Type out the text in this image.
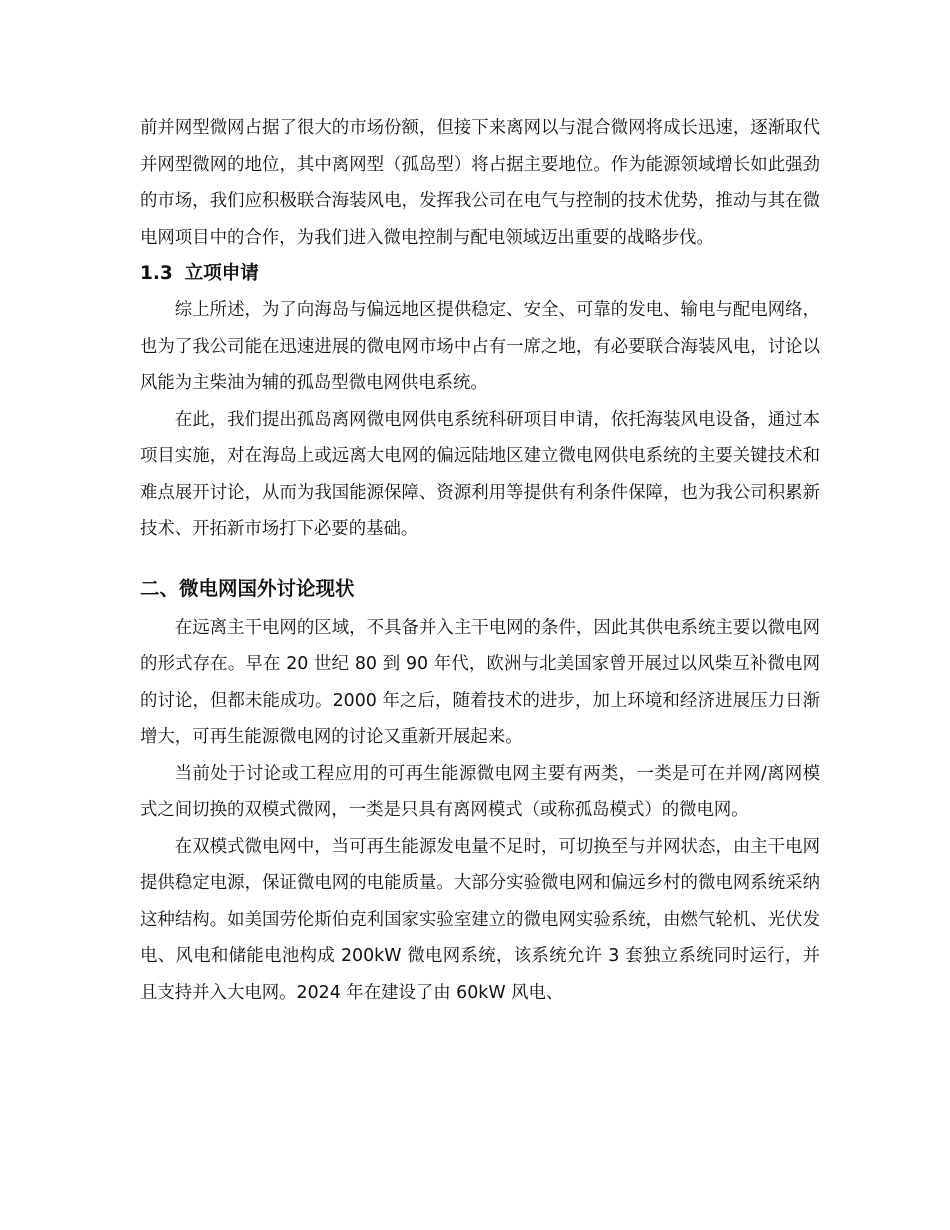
前并网型微网占据了很大的市场份额，但接下来离网以与混合微网将成长迅速，逐渐取代并网型微网的地位，其中离网型（孤岛型）将占据主要地位。作为能源领域增长如此强劲的市场，我们应积极联合海装风电，发挥我公司在电气与控制的技术优势，推动与其在微电网项目中的合作，为我们进入微电控制与配电领域迈出重要的战略步伐。

1.3 立项申请

综上所述，为了向海岛与偏远地区提供稳定、安全、可靠的发电、输电与配电网络，也为了我公司能在迅速进展的微电网市场中占有一席之地，有必要联合海装风电，讨论以风能为主柴油为辅的孤岛型微电网供电系统。

在此，我们提出孤岛离网微电网供电系统科研项目申请，依托海装风电设备，通过本项目实施，对在海岛上或远离大电网的偏远陆地区建立微电网供电系统的主要关键技术和难点展开讨论，从而为我国能源保障、资源利用等提供有利条件保障，也为我公司积累新技术、开拓新市场打下必要的基础。

二、微电网国外讨论现状

在远离主干电网的区域，不具备并入主干电网的条件，因此其供电系统主要以微电网的形式存在。早在 20 世纪 80 到 90 年代，欧洲与北美国家曾开展过以风柴互补微电网的讨论，但都未能成功。2000 年之后，随着技术的进步，加上环境和经济进展压力日渐增大，可再生能源微电网的讨论又重新开展起来。

当前处于讨论或工程应用的可再生能源微电网主要有两类，一类是可在并网/离网模式之间切换的双模式微网，一类是只具有离网模式（或称孤岛模式）的微电网。

在双模式微电网中，当可再生能源发电量不足时，可切换至与并网状态，由主干电网提供稳定电源，保证微电网的电能质量。大部分实验微电网和偏远乡村的微电网系统采纳这种结构。如美国劳伦斯伯克利国家实验室建立的微电网实验系统，由燃气轮机、光伏发电、风电和储能电池构成 200kW 微电网系统，该系统允许 3 套独立系统同时运行，并且支持并入大电网。2024 年在建设了由 60kW 风电、
